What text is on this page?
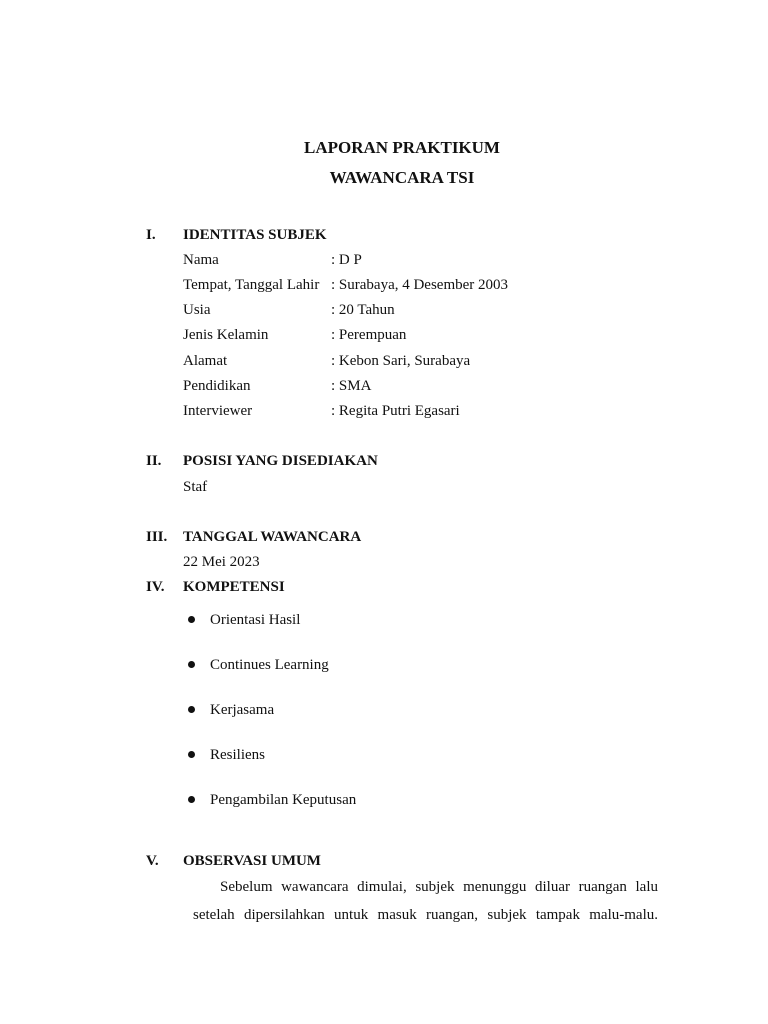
LAPORAN PRAKTIKUM
WAWANCARA TSI
I. IDENTITAS SUBJEK
Nama	: D P
Tempat, Tanggal Lahir : Surabaya, 4 Desember 2003
Usia	: 20 Tahun
Jenis Kelamin	: Perempuan
Alamat	: Kebon Sari, Surabaya
Pendidikan	: SMA
Interviewer	: Regita Putri Egasari
II. POSISI YANG DISEDIAKAN
Staf
III. TANGGAL WAWANCARA
22 Mei 2023
IV. KOMPETENSI
Orientasi Hasil
Continues Learning
Kerjasama
Resiliens
Pengambilan Keputusan
V. OBSERVASI UMUM
Sebelum wawancara dimulai, subjek menunggu diluar ruangan lalu
setelah dipersilahkan untuk masuk ruangan, subjek tampak malu-malu.
